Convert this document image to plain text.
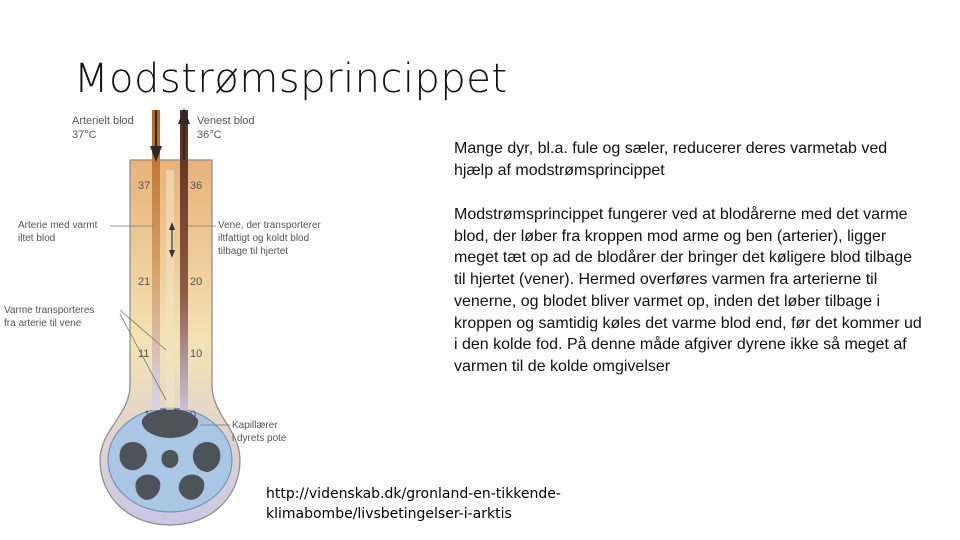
Modstrømsprincippet
Arterielt blod
37°C
Venest blod
36°C
37
21
11
1
36
20
10
0
Arterie med varmt
iltet blod
Vene, der transporterer
iltfattigt og koldt blod
tilbage til hjertet
Varme transporteres
fra arterie til vene
Kapillærer
i dyrets pote

Mange dyr, bl.a. fule og sæler, reducerer deres varmetab ved hjælp af modstrømsprincippet

Modstrømsprincippet fungerer ved at blodårerne med det varme blod, der løber fra kroppen mod arme og ben (arterier), ligger meget tæt op ad de blodårer der bringer det køligere blod tilbage til hjertet (vener). Hermed overføres varmen fra arterierne til venerne, og blodet bliver varmet op, inden det løber tilbage i kroppen og samtidig køles det varme blod end, før det kommer ud i den kolde fod. På denne måde afgiver dyrene ikke så meget af varmen til de kolde omgivelser

http://videnskab.dk/gronland-en-tikkende-klimabombe/livsbetingelser-i-arktis
